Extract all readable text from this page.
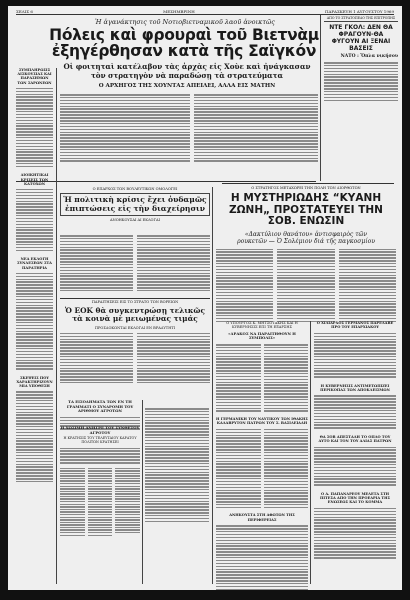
ΣΕΛΙΣ 6	ΜΕΣΗΜΒΡΙΝΗ	ΠΑΡΑΣΚΕΥΗ 1 ΑΥΓΟΥΣΤΟΥ 1969
Ἡ ἀγανάκτησις τοῦ Νοτιοβιετναμικοῦ λαοῦ ἀνοικτῶς
Πόλεις καὶ φρουραὶ τοῦ Βιετνὰμ
ἐξηγέρθησαν κατὰ τῆς Σαϊγκόν
Οἱ φοιτηταὶ κατέλαβον τὰς ἀρχὰς εἰς Χοὺε καὶ ἠνάγκασαν τὸν στρατηγὸν νὰ παραδώσῃ τὰ στρατεύματα
Ο ΑΡΧΗΓΟΣ ΤΗΣ ΧΟΥΝΤΑΣ ΑΠΕΙΛΕΙ, ΑΛΛΑ ΕΙΣ ΜΑΤΗΝ
ΑΠΟ ΤΟ ΣΤΡΑΤΟΠΕΔΟ ΤΗΣ ΕΠΙΤΡΟΠΗΣ
ΝΤΕ ΓΚΟΛ: ΔΕΝ ΘΑ ΦΡΑΓΟΥΝ-ΘΑ ΦΥΓΟΥΝ ΑΙ ΞΕΝΑΙ ΒΑΣΕΙΣ
ΝΑΤΟ : Ὅπλα νικήσου
ΣΥΜΠΛΗΡΩΣΙΣ ΔΙΣΚΟΥΣΙΑΣ ΚΑΙ ΠΑΡΑΣΗΜΩΝ ΤΩΝ ΣΑΡΩΝΕΩΝ
ΔΙΟΙΚΗΤΙΚΑΙ ΚΡΙΣΕΙΣ ΤΩΝ ΚΑΤΟΧΩΝ
ΝΕΑ ΕΚΛΟΓΗ ΣΥΝΔΕΣΕΩΝ ΣΤΑ ΠΑΡΑΤΗΡΙΑ
ΣΚΕΨΕΙΣ ΠΟΥ ΧΑΡΑΚΤΗΡΙΖΟΥΝ ΜΙΑ ΥΠΟΘΕΣΗ
Ο ΕΠΑΡΧΟΣ ΤΩΝ ΒΟΥΛΕΥΤΙΚΩΝ ΟΜΟΛΟΓΕΙ
Ἡ πολιτικὴ κρίσις ἔχει ὀυδαμῶς ἐπιπτώσεις εἰς τὴν διαχείρησιν
ΑΝΟΗΚΟΥΣΑΙ ΑΙ ΕΚΛΟΓΑΙ
ΠΑΡΑΙΤΗΣΕΙΣ ΕΙΣ ΤΟ ΣΤΡΑΤΟ ΤΩΝ ΒΟΡΕΙΩΝ
Ὁ ΕΟΚ θὰ συγκεντρώσῃ τελικῶς τὰ κοινὰ μὲ μειωμένας τιμάς
ΠΡΟΣΔΟΚΩΝΤΑΙ ΕΚΛΟΓΑΙ ΕΝ ΒΡΑΔΥΤΗΤΙ
ΤΑ ΕΙΣΟΔΗΜΑΤΑ ΤΩΝ ΕΝ ΤΗ ΓΡΑΜΜΑΤΙ Ο ΣΥΝΔΡΟΜΗ ΤΟΥ ΑΡΙΘΜΟΥ ΑΓΡΟΤΩΝ
Η ΧΩΣΙΜΗ ΑΝΗΓΡΕ ΤΟΥ ΣΥΝΘΕΤΟΥ ΑΓΡΟΤΟΥ
Η ΚΡΑΤΗΣΙΣ ΤΟΥ ΤΕΛΕΥΤΑΙΟΥ ΚΑΡΑΤΟΥ ΠΟΛΙΤΩΝ ΚΡΑΤΗΣΕΙ
Ο ΣΤΡΑΤΗΓΟΣ ΜΕΤΑΧΩΡΕΙ ΤΗΝ ΠΟΛΗ ΤΩΝ ΔΙΟΡΘΩΤΩΝ
Η ΜΥΣΤΗΡΙΩΔΗΣ “ΚΥΑΝΗ ΖΩΝΗ„ ΠΡΟΣΤΑΤΕΥΕΙ ΤΗΝ ΣΟΒ. ΕΝΩΣΙΝ
«Δακτύλιον θανάτου» ἀντισφαιρὸς τῶν ρουκετῶν — Ὁ Σολέμιον διά τῆς παγκοσμίου
Ο ΥΠΟΥΡΓΟΣ Κ. ΜΗΤΣΟΤΑΚΗΣ ΚΑΙ Η ΚΥΒΕΡΝΗΣΙΣ ΕΠΙ ΤΗ ΕΞΑΡΣΗΣ
«ΔΡΑΚΟΣ ΝΑ ΠΑΡΑΙΤΗΘΟΥΝ Η ΣΥΜΠΟΛΙΣ»
Η ΓΕΡΜΑΝΙΚΗ ΤΟΥ ΝΑΥΤΙΚΟΥ ΤΩΝ ΙΘΑΚΗΣ ΚΑΛΑΒΡΥΤΟΝ ΠΑΤΡΩΝ ΤΟΥ Σ. ΒΑΣΙΛΕΙΑΔΗ
ΑΝΗΚΟΥΣΤΑ ΣΤΗ ΑΦΩΤΩΝ ΤΗΣ ΠΕΡΙΦΕΡΕΙΑΣ
Ο ΧΙΛΙΑΡΧΟΣ ΓΕΡΜΑΝΟΣ ΠΑΡΕΛΑΒΕ ΠΡΟ ΤΟΥ ΕΠΑΡΧΙΑΚΟΥ
Η ΚΥΒΕΡΝΗΣΙΣ ΑΝΤΙΜΕΤΩΠΙΖΕΙ ΠΕΡΙΚΟΠΑΣ ΤΩΝ ΑΠΟΚΛΕΙΣΜΩΝ
ΘΑ ΣΟΒ ΑΠΕΣΤΑΛΗ ΤΟ ΟΠΛΟ ΤΟΥ ΑΥΤΟ ΚΑΙ ΤΟΝ ΤΟΥ ΑΛΙΑΣ ΠΑΤΡΩΝ
Ο Α. ΠΑΠΑΝΔΡΕΟΥ ΜΕΛΕΤΑ ΣΤΗ ΠΙΤΕΣΑ ΑΠΟ ΤΗΝ ΠΡΟΕΔΡΙΑ ΤΗΣ ΕΝΩΣΕΩΣ ΚΑΙ ΤΟ ΚΟΜΜΑ
